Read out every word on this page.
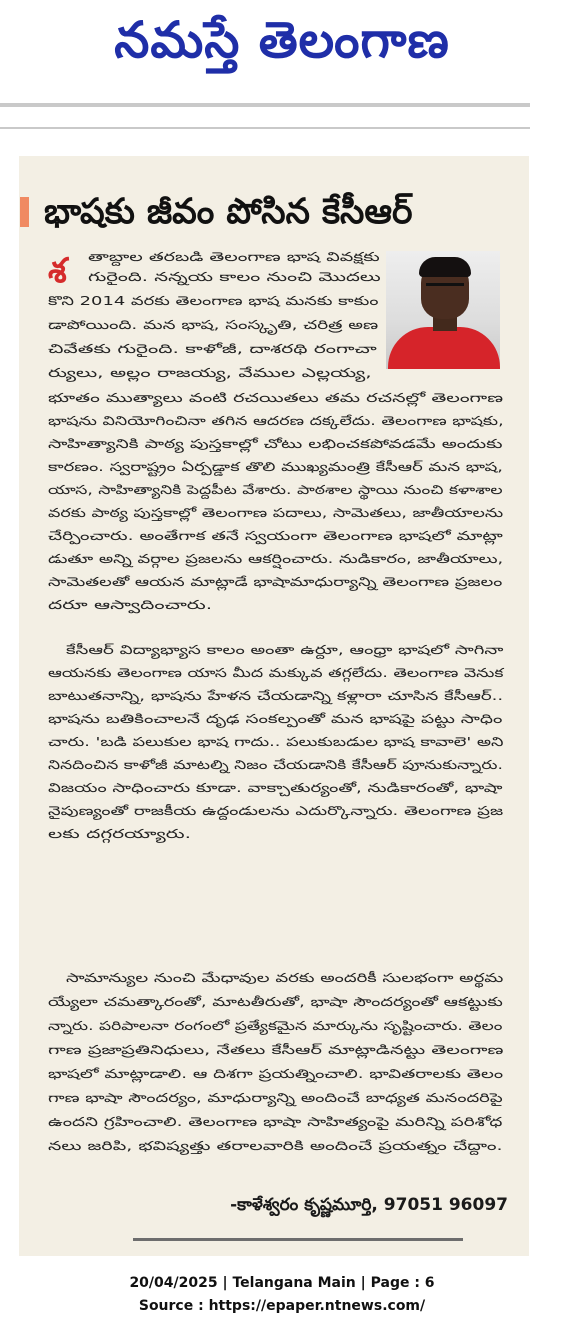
నమస్తే తెలంగాణ
భాషకు జీవం పోసిన కేసీఆర్
శ	తాబ్దాల తరబడి తెలంగాణ భాష వివక్షకు
గురైంది. నన్నయ కాలం నుంచి మొదలు
కొని 2014 వరకు తెలంగాణ భాష మనకు కాకుం
డాపోయింది. మన భాష, సంస్కృతి, చరిత్ర అణ
చివేతకు గురైంది. కాళోజీ, దాశరథి రంగాచా
ర్యులు, అల్లం రాజయ్య, వేముల ఎల్లయ్య,
భూతం ముత్యాలు వంటి రచయితలు తమ రచనల్లో తెలంగాణ
భాషను వినియోగించినా తగిన ఆదరణ దక్కలేదు. తెలంగాణ భాషకు,
సాహిత్యానికి పాఠ్య పుస్తకాల్లో చోటు లభించకపోవడమే అందుకు
కారణం. స్వరాష్ట్రం ఏర్పడ్డాక తొలి ముఖ్యమంత్రి కేసీఆర్ మన భాష,
యాస, సాహిత్యానికి పెద్దపీట వేశారు. పాఠశాల స్థాయి నుంచి కళాశాల
వరకు పాఠ్య పుస్తకాల్లో తెలంగాణ పదాలు, సామెతలు, జాతీయాలను
చేర్పించారు. అంతేగాక తనే స్వయంగా తెలంగాణ భాషలో మాట్లా
డుతూ అన్ని వర్గాల ప్రజలను ఆకర్షించారు. నుడికారం, జాతీయాలు,
సామెతలతో ఆయన మాట్లాడే భాషామాధుర్యాన్ని తెలంగాణ ప్రజలం
దరూ ఆస్వాదించారు.
కేసీఆర్ విద్యాభ్యాస కాలం అంతా ఉర్దూ, ఆంధ్రా భాషలో సాగినా
ఆయనకు తెలంగాణ యాస మీద మక్కువ తగ్గలేదు. తెలంగాణ వెనుక
బాటుతనాన్ని, భాషను హేళన చేయడాన్ని కళ్లారా చూసిన కేసీఆర్..
భాషను బతికించాలనే దృఢ సంకల్పంతో మన భాషపై పట్టు సాధిం
చారు. 'బడి పలుకుల భాష గాదు.. పలుకుబడుల భాష కావాలె' అని
నినదించిన కాళోజీ మాటల్ని నిజం చేయడానికి కేసీఆర్ పూనుకున్నారు.
విజయం సాధించారు కూడా. వాక్చాతుర్యంతో, నుడికారంతో, భాషా
నైపుణ్యంతో రాజకీయ ఉద్దండులను ఎదుర్కొన్నారు. తెలంగాణ ప్రజ
లకు దగ్గరయ్యారు.
సామాన్యుల నుంచి మేధావుల వరకు అందరికీ సులభంగా అర్థమ
య్యేలా చమత్కారంతో, మాటతీరుతో, భాషా సౌందర్యంతో ఆకట్టుకు
న్నారు. పరిపాలనా రంగంలో ప్రత్యేకమైన మార్కును సృష్టించారు. తెలం
గాణ ప్రజాప్రతినిధులు, నేతలు కేసీఆర్ మాట్లాడినట్టు తెలంగాణ
భాషలో మాట్లాడాలి. ఆ దిశగా ప్రయత్నించాలి. భావితరాలకు తెలం
గాణ భాషా సౌందర్యం, మాధుర్యాన్ని అందించే బాధ్యత మనందరిపై
ఉందని గ్రహించాలి. తెలంగాణ భాషా సాహిత్యంపై మరిన్ని పరిశోధ
నలు జరిపి, భవిష్యత్తు తరాలవారికి అందించే ప్రయత్నం చేద్దాం.
-కాళేశ్వరం కృష్ణమూర్తి, 97051 96097
20/04/2025 | Telangana Main | Page : 6
Source : https://epaper.ntnews.com/
